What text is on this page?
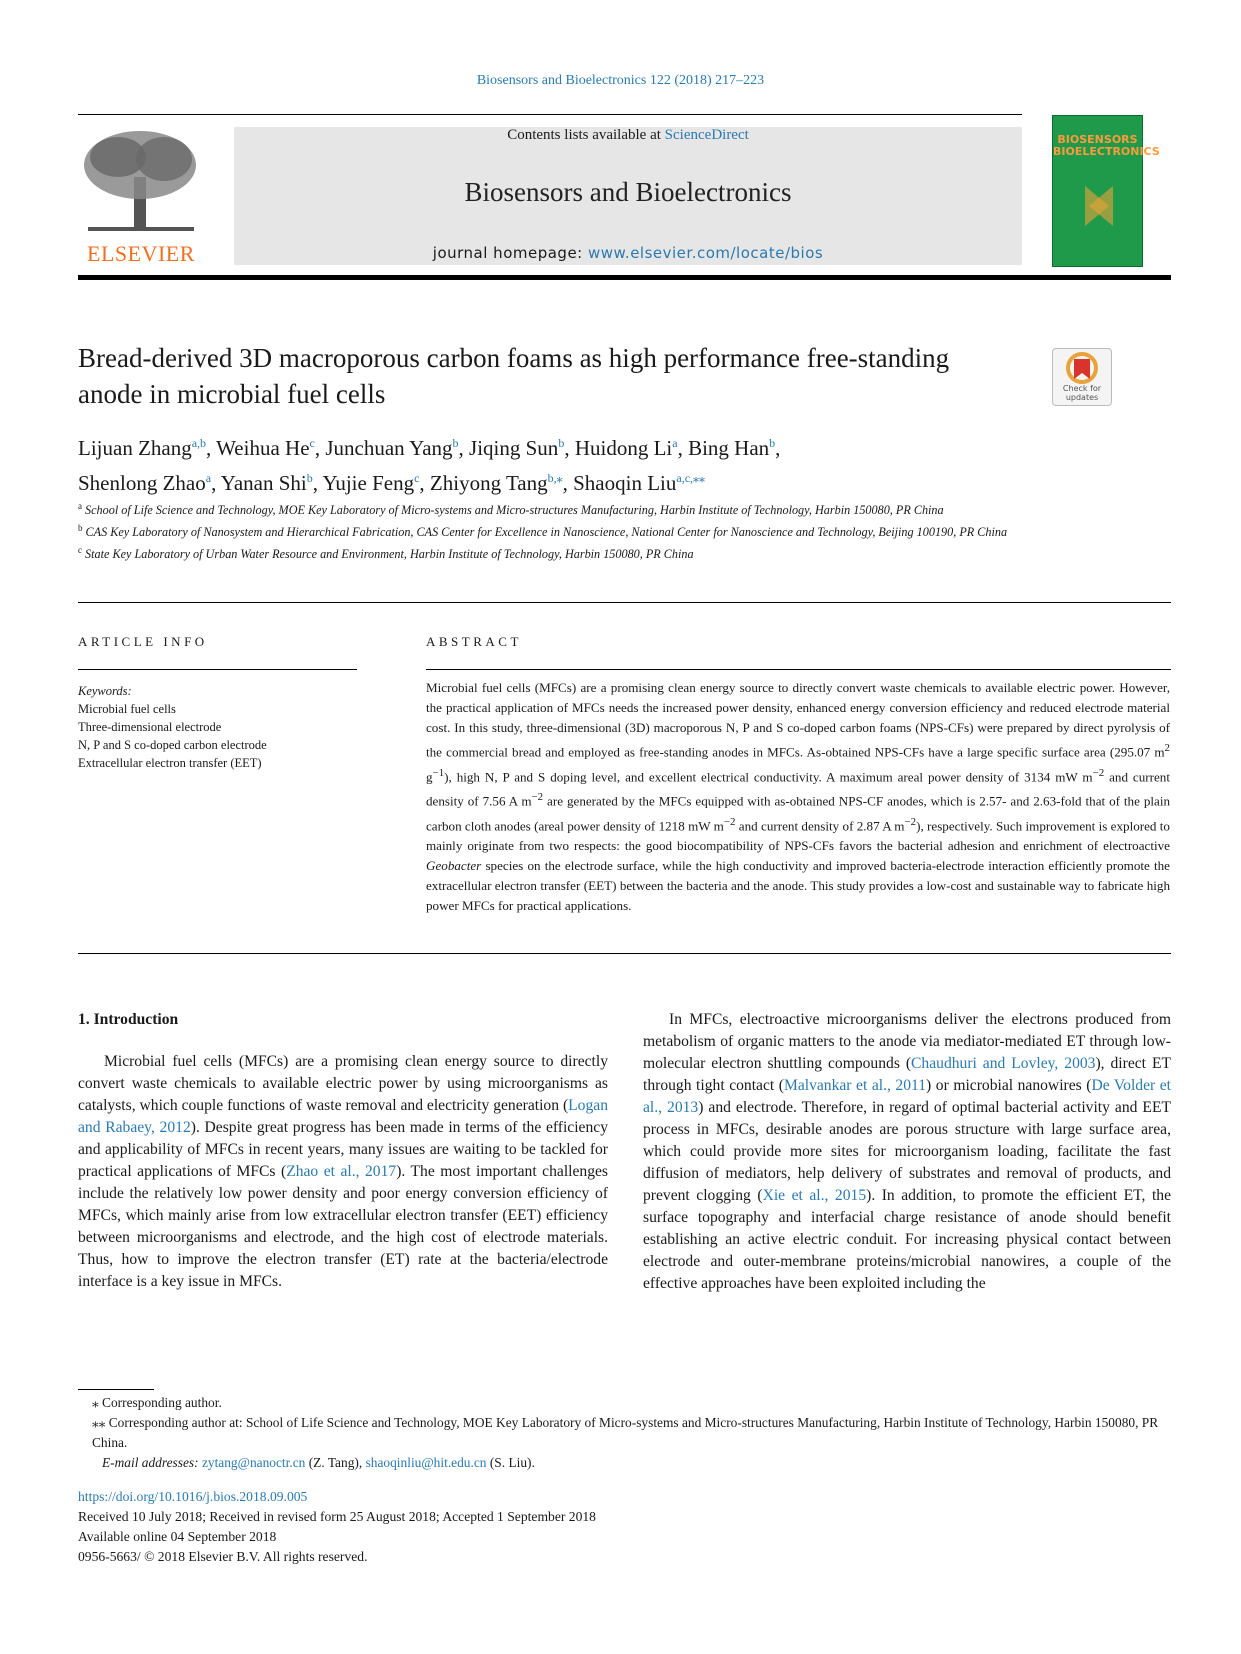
Biosensors and Bioelectronics 122 (2018) 217–223
ELSEVIER
Contents lists available at ScienceDirect
Biosensors and Bioelectronics
journal homepage: www.elsevier.com/locate/bios
BIOSENSORS BIOELECTRONICS
Bread-derived 3D macroporous carbon foams as high performance free-standing anode in microbial fuel cells	Check for updates
Lijuan Zhang$^{a,b}$, Weihua He$^c$, Junchuan Yang$^b$, Jiqing Sun$^b$, Huidong Li$^a$, Bing Han$^b$,
Shenlong Zhao$^a$, Yanan Shi$^b$, Yujie Feng$^c$, Zhiyong Tang$^{b,⁎}$, Shaoqin Liu$^{a,c,⁎⁎}$

$^a$ School of Life Science and Technology, MOE Key Laboratory of Micro-systems and Micro-structures Manufacturing, Harbin Institute of Technology, Harbin 150080, PR China

$^b$ CAS Key Laboratory of Nanosystem and Hierarchical Fabrication, CAS Center for Excellence in Nanoscience, National Center for Nanoscience and Technology, Beijing 100190, PR China

$^c$ State Key Laboratory of Urban Water Resource and Environment, Harbin Institute of Technology, Harbin 150080, PR China

ARTICLE INFO
Keywords:
Microbial fuel cells
Three-dimensional electrode
N, P and S co-doped carbon electrode
Extracellular electron transfer (EET)
ABSTRACT
Microbial fuel cells (MFCs) are a promising clean energy source to directly convert waste chemicals to available electric power. However, the practical application of MFCs needs the increased power density, enhanced energy conversion efficiency and reduced electrode material cost. In this study, three-dimensional (3D) macroporous N, P and S co-doped carbon foams (NPS-CFs) were prepared by direct pyrolysis of the commercial bread and employed as free-standing anodes in MFCs. As-obtained NPS-CFs have a large specific surface area (295.07 $m^2$ $g^{-1}$), high N, P and S doping level, and excellent electrical conductivity. A maximum areal power density of 3134 mW $m^{-2}$ and current density of 7.56 A $m^{-2}$ are generated by the MFCs equipped with as-obtained NPS-CF anodes, which is 2.57- and 2.63-fold that of the plain carbon cloth anodes (areal power density of 1218 mW $m^{-2}$ and current density of 2.87 A $m^{-2}$), respectively. Such improvement is explored to mainly originate from two respects: the good biocompatibility of NPS-CFs favors the bacterial adhesion and enrichment of electroactive Geobacter species on the electrode surface, while the high conductivity and improved bacteria-electrode interaction efficiently promote the extracellular electron transfer (EET) between the bacteria and the anode. This study provides a low-cost and sustainable way to fabricate high power MFCs for practical applications.

1. Introduction

Microbial fuel cells (MFCs) are a promising clean energy source to directly convert waste chemicals to available electric power by using microorganisms as catalysts, which couple functions of waste removal and electricity generation (Logan and Rabaey, 2012). Despite great progress has been made in terms of the efficiency and applicability of MFCs in recent years, many issues are waiting to be tackled for practical applications of MFCs (Zhao et al., 2017). The most important challenges include the relatively low power density and poor energy conversion efficiency of MFCs, which mainly arise from low extracellular electron transfer (EET) efficiency between microorganisms and electrode, and the high cost of electrode materials. Thus, how to improve the electron transfer (ET) rate at the bacteria/electrode interface is a key issue in MFCs.

In MFCs, electroactive microorganisms deliver the electrons produced from metabolism of organic matters to the anode via mediator-mediated ET through low-molecular electron shuttling compounds (Chaudhuri and Lovley, 2003), direct ET through tight contact (Malvankar et al., 2011) or microbial nanowires (De Volder et al., 2013) and electrode. Therefore, in regard of optimal bacterial activity and EET process in MFCs, desirable anodes are porous structure with large surface area, which could provide more sites for microorganism loading, facilitate the fast diffusion of mediators, help delivery of substrates and removal of products, and prevent clogging (Xie et al., 2015). In addition, to promote the efficient ET, the surface topography and interfacial charge resistance of anode should benefit establishing an active electric conduit. For increasing physical contact between electrode and outer-membrane proteins/microbial nanowires, a couple of the effective approaches have been exploited including the

⁎ Corresponding author.

⁎⁎ Corresponding author at: School of Life Science and Technology, MOE Key Laboratory of Micro-systems and Micro-structures Manufacturing, Harbin Institute of Technology, Harbin 150080, PR China.

E-mail addresses: zytang@nanoctr.cn (Z. Tang), shaoqinliu@hit.edu.cn (S. Liu).

https://doi.org/10.1016/j.bios.2018.09.005

Received 10 July 2018; Received in revised form 25 August 2018; Accepted 1 September 2018

Available online 04 September 2018

0956-5663/ © 2018 Elsevier B.V. All rights reserved.
